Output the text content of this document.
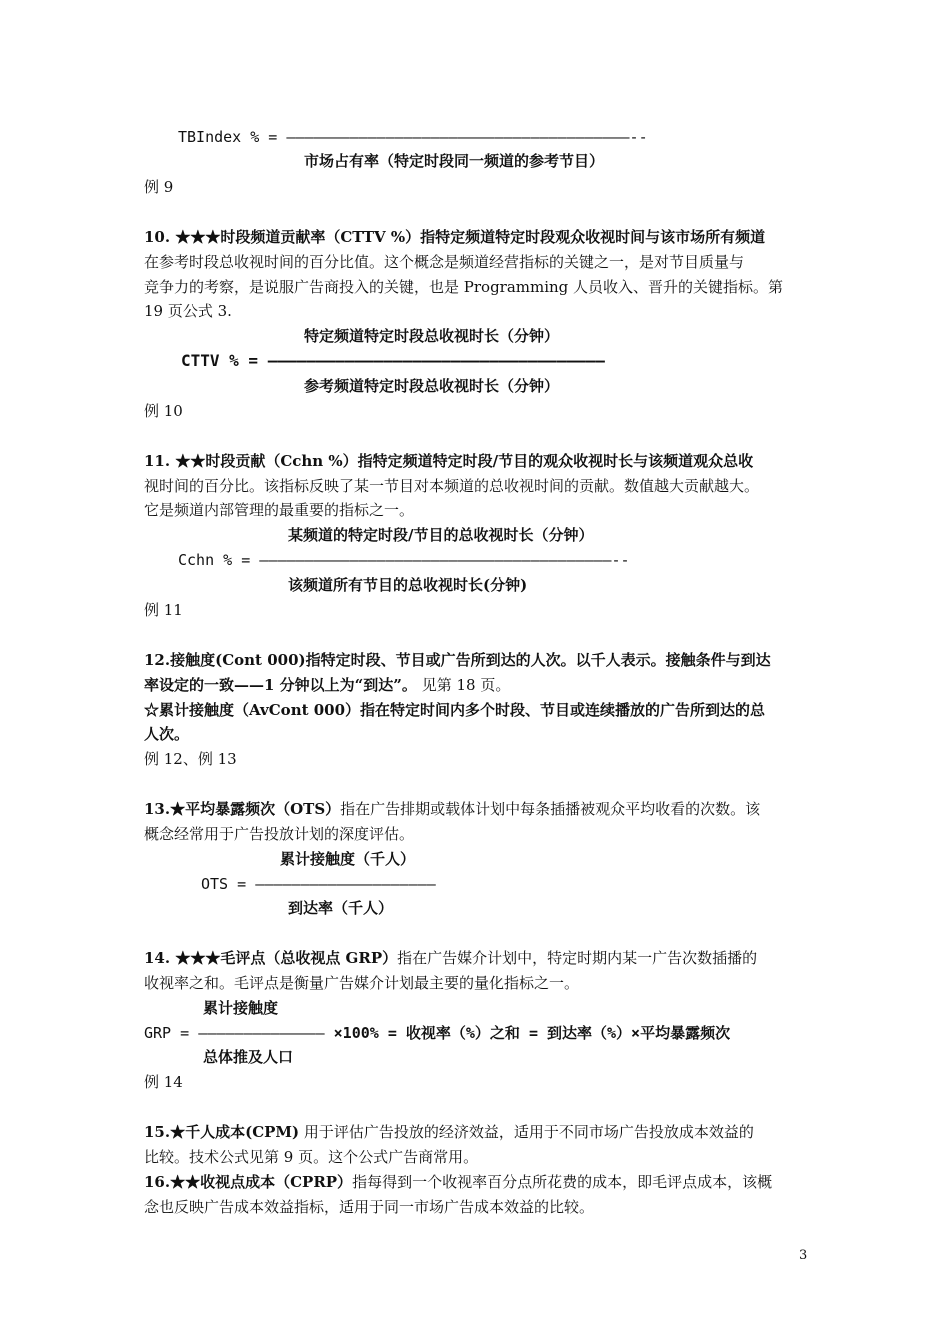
TBIndex % = ——————————————————————————————————————--
市场占有率（特定时段同一频道的参考节目）
例 9
10. ★★★时段频道贡献率（CTTV %）指特定频道特定时段观众收视时间与该市场所有频道
在参考时段总收视时间的百分比值。这个概念是频道经营指标的关键之一，是对节目质量与
竞争力的考察，是说服广告商投入的关键，也是 Programming 人员收入、晋升的关键指标。第
19 页公式 3.
特定频道特定时段总收视时长（分钟）
CTTV % = ———————————————————————————————————
参考频道特定时段总收视时长（分钟）
例 10
11. ★★时段贡献（Cchn %）指特定频道特定时段/节目的观众收视时长与该频道观众总收
视时间的百分比。该指标反映了某一节目对本频道的总收视时间的贡献。数值越大贡献越大。
它是频道内部管理的最重要的指标之一。
某频道的特定时段/节目的总收视时长（分钟）
Cchn % = ———————————————————————————————————————--
该频道所有节目的总收视时长(分钟)
例 11
12.接触度(Cont 000)指特定时段、节目或广告所到达的人次。以千人表示。接触条件与到达
率设定的一致——1 分钟以上为“到达”。 见第 18 页。
☆累计接触度（AvCont 000）指在特定时间内多个时段、节目或连续播放的广告所到达的总
人次。
例 12、例 13
13.★平均暴露频次（OTS）指在广告排期或载体计划中每条插播被观众平均收看的次数。该
概念经常用于广告投放计划的深度评估。
累计接触度（千人）
OTS = ————————————————————
到达率（千人）
14. ★★★毛评点（总收视点 GRP）指在广告媒介计划中，特定时期内某一广告次数插播的
收视率之和。毛评点是衡量广告媒介计划最主要的量化指标之一。
累计接触度
GRP = —————————————— ×100% = 收视率（%）之和 = 到达率（%）×平均暴露频次
总体推及人口
例 14
15.★千人成本(CPM) 用于评估广告投放的经济效益，适用于不同市场广告投放成本效益的
比较。技术公式见第 9 页。这个公式广告商常用。
16.★★收视点成本（CPRP）指每得到一个收视率百分点所花费的成本，即毛评点成本，该概
念也反映广告成本效益指标，适用于同一市场广告成本效益的比较。
3
